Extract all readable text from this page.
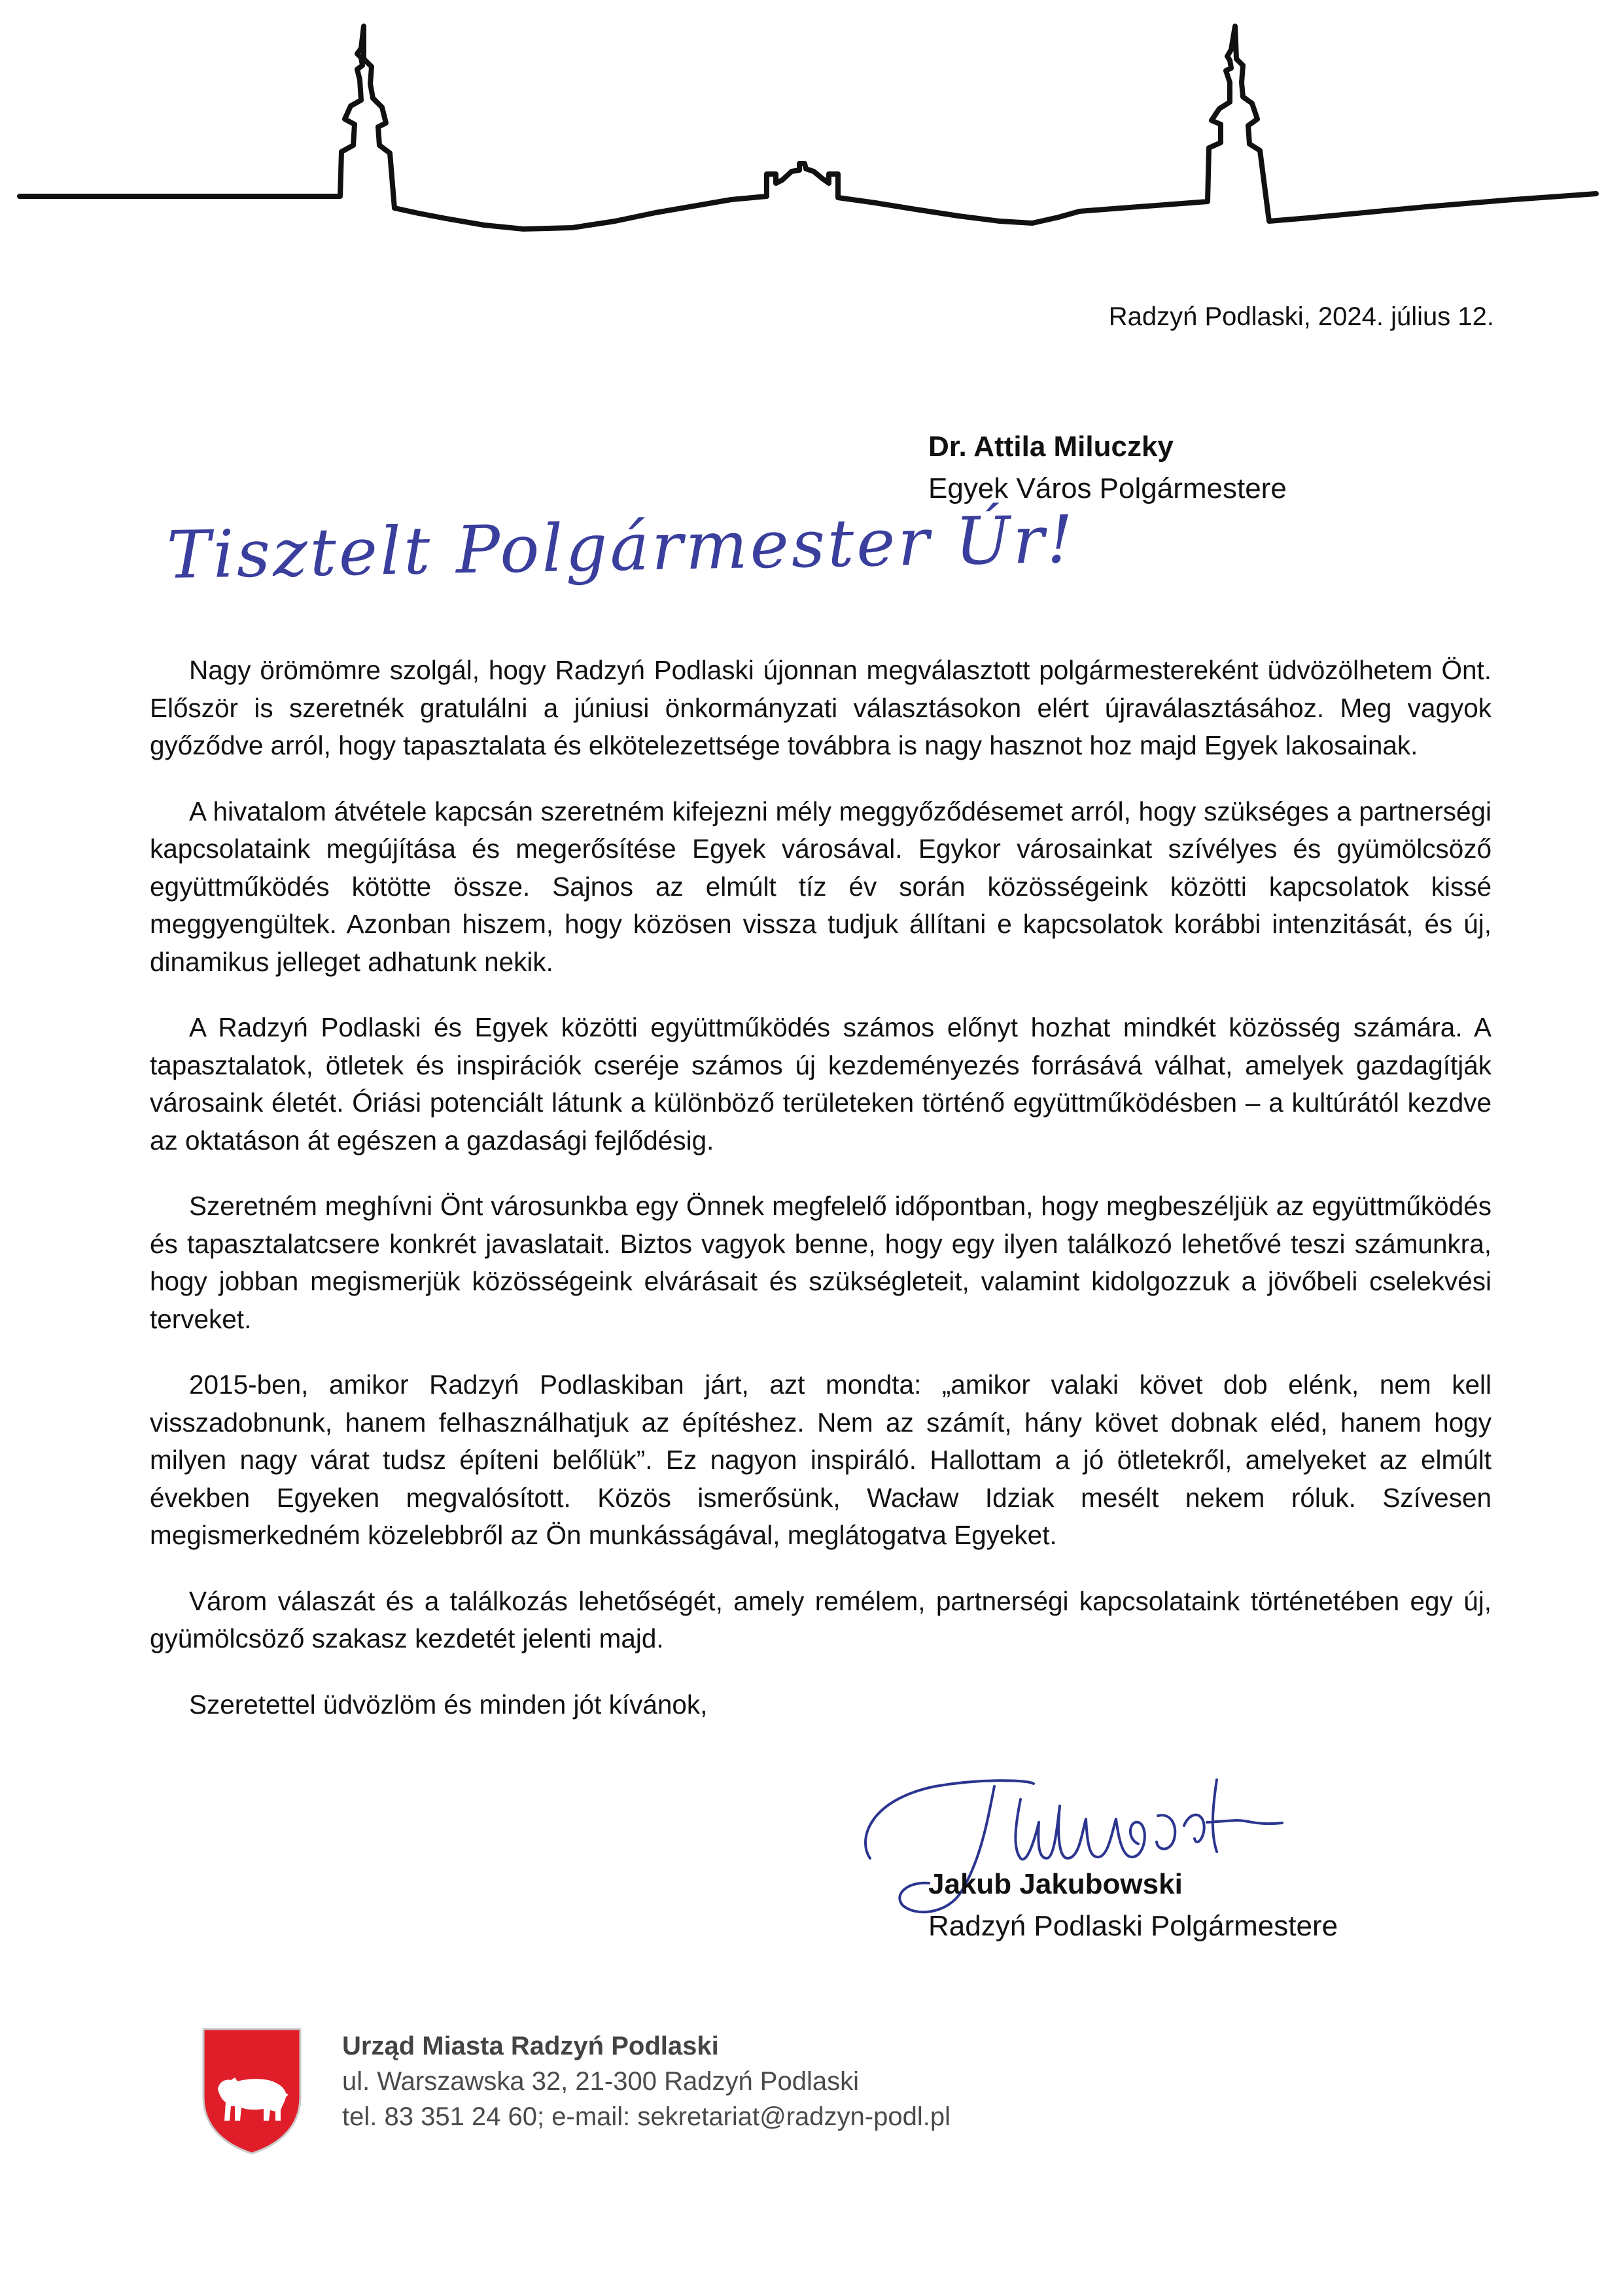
Radzyń Podlaski, 2024. július 12.
Dr. Attila Miluczky
Egyek Város Polgármestere
Tisztelt Polgármester Úr!

Nagy örömömre szolgál, hogy Radzyń Podlaski újonnan megválasztott polgármestereként üdvözölhetem Önt. Először is szeretnék gratulálni a júniusi önkormányzati választásokon elért újraválasztásához. Meg vagyok győződve arról, hogy tapasztalata és elkötelezettsége továbbra is nagy hasznot hoz majd Egyek lakosainak.

A hivatalom átvétele kapcsán szeretném kifejezni mély meggyőződésemet arról, hogy szükséges a partnerségi kapcsolataink megújítása és megerősítése Egyek városával. Egykor városainkat szívélyes és gyümölcsöző együttműködés kötötte össze. Sajnos az elmúlt tíz év során közösségeink közötti kapcsolatok kissé meggyengültek. Azonban hiszem, hogy közösen vissza tudjuk állítani e kapcsolatok korábbi intenzitását, és új, dinamikus jelleget adhatunk nekik.

A Radzyń Podlaski és Egyek közötti együttműködés számos előnyt hozhat mindkét közösség számára. A tapasztalatok, ötletek és inspirációk cseréje számos új kezdeményezés forrásává válhat, amelyek gazdagítják városaink életét. Óriási potenciált látunk a különböző területeken történő együttműködésben – a kultúrától kezdve az oktatáson át egészen a gazdasági fejlődésig.

Szeretném meghívni Önt városunkba egy Önnek megfelelő időpontban, hogy megbeszéljük az együttműködés és tapasztalatcsere konkrét javaslatait. Biztos vagyok benne, hogy egy ilyen találkozó lehetővé teszi számunkra, hogy jobban megismerjük közösségeink elvárásait és szükségleteit, valamint kidolgozzuk a jövőbeli cselekvési terveket.

2015-ben, amikor Radzyń Podlaskiban járt, azt mondta: „amikor valaki követ dob elénk, nem kell visszadobnunk, hanem felhasználhatjuk az építéshez. Nem az számít, hány követ dobnak eléd, hanem hogy milyen nagy várat tudsz építeni belőlük”. Ez nagyon inspiráló. Hallottam a jó ötletekről, amelyeket az elmúlt években Egyeken megvalósított. Közös ismerősünk, Wacław Idziak mesélt nekem róluk. Szívesen megismerkedném közelebbről az Ön munkásságával, meglátogatva Egyeket.

Várom válaszát és a találkozás lehetőségét, amely remélem, partnerségi kapcsolataink történetében egy új, gyümölcsöző szakasz kezdetét jelenti majd.

Szeretettel üdvözlöm és minden jót kívánok,

Jakub Jakubowski
Radzyń Podlaski Polgármestere
Urząd Miasta Radzyń Podlaski
ul. Warszawska 32, 21-300 Radzyń Podlaski
tel. 83 351 24 60; e-mail: sekretariat@radzyn-podl.pl
